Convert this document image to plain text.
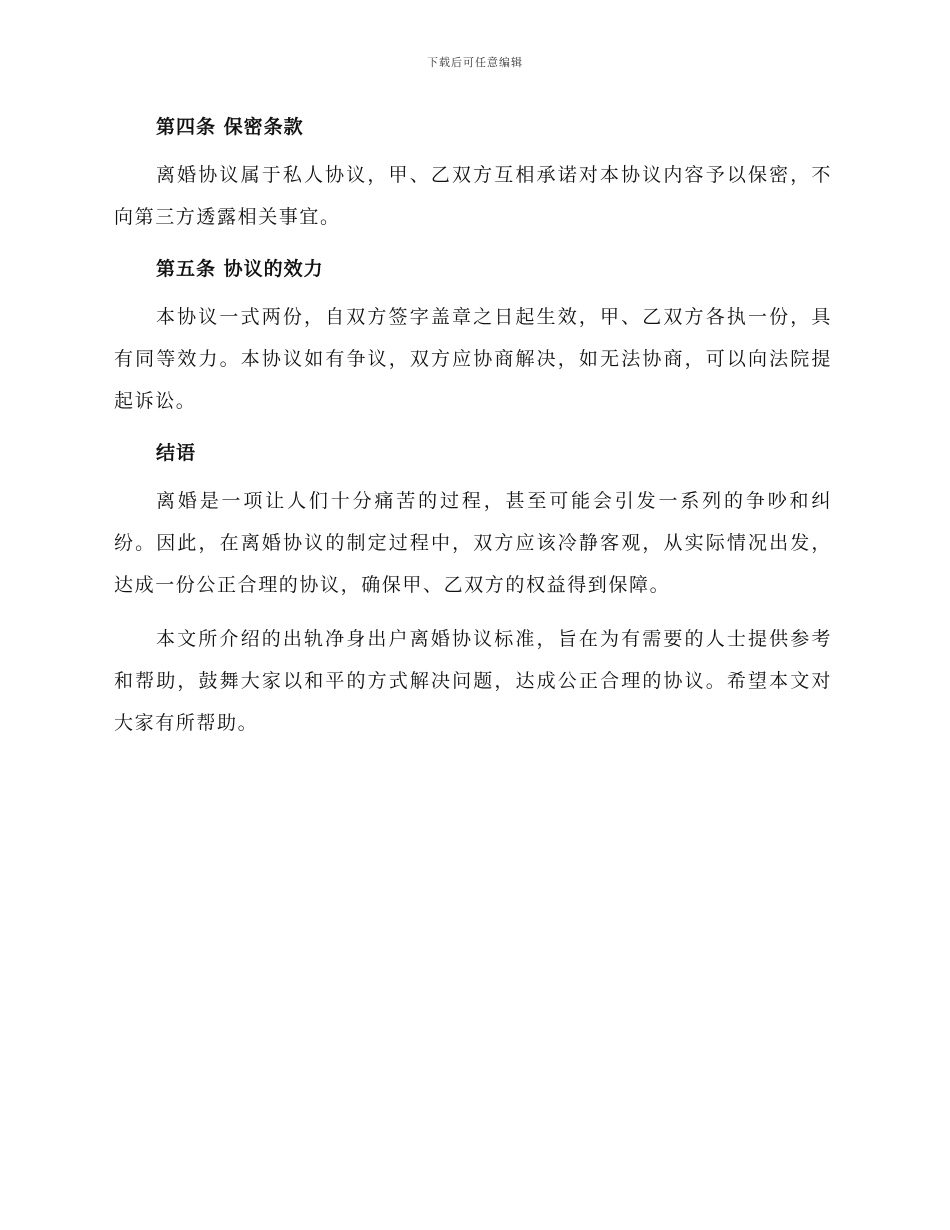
下载后可任意编辑
第四条 保密条款

离婚协议属于私人协议，甲、乙双方互相承诺对本协议内容予以保密，不向第三方透露相关事宜。

第五条 协议的效力

本协议一式两份，自双方签字盖章之日起生效，甲、乙双方各执一份，具有同等效力。本协议如有争议，双方应协商解决，如无法协商，可以向法院提起诉讼。

结语

离婚是一项让人们十分痛苦的过程，甚至可能会引发一系列的争吵和纠纷。因此，在离婚协议的制定过程中，双方应该冷静客观，从实际情况出发，达成一份公正合理的协议，确保甲、乙双方的权益得到保障。

本文所介绍的出轨净身出户离婚协议标准，旨在为有需要的人士提供参考和帮助，鼓舞大家以和平的方式解决问题，达成公正合理的协议。希望本文对大家有所帮助。
